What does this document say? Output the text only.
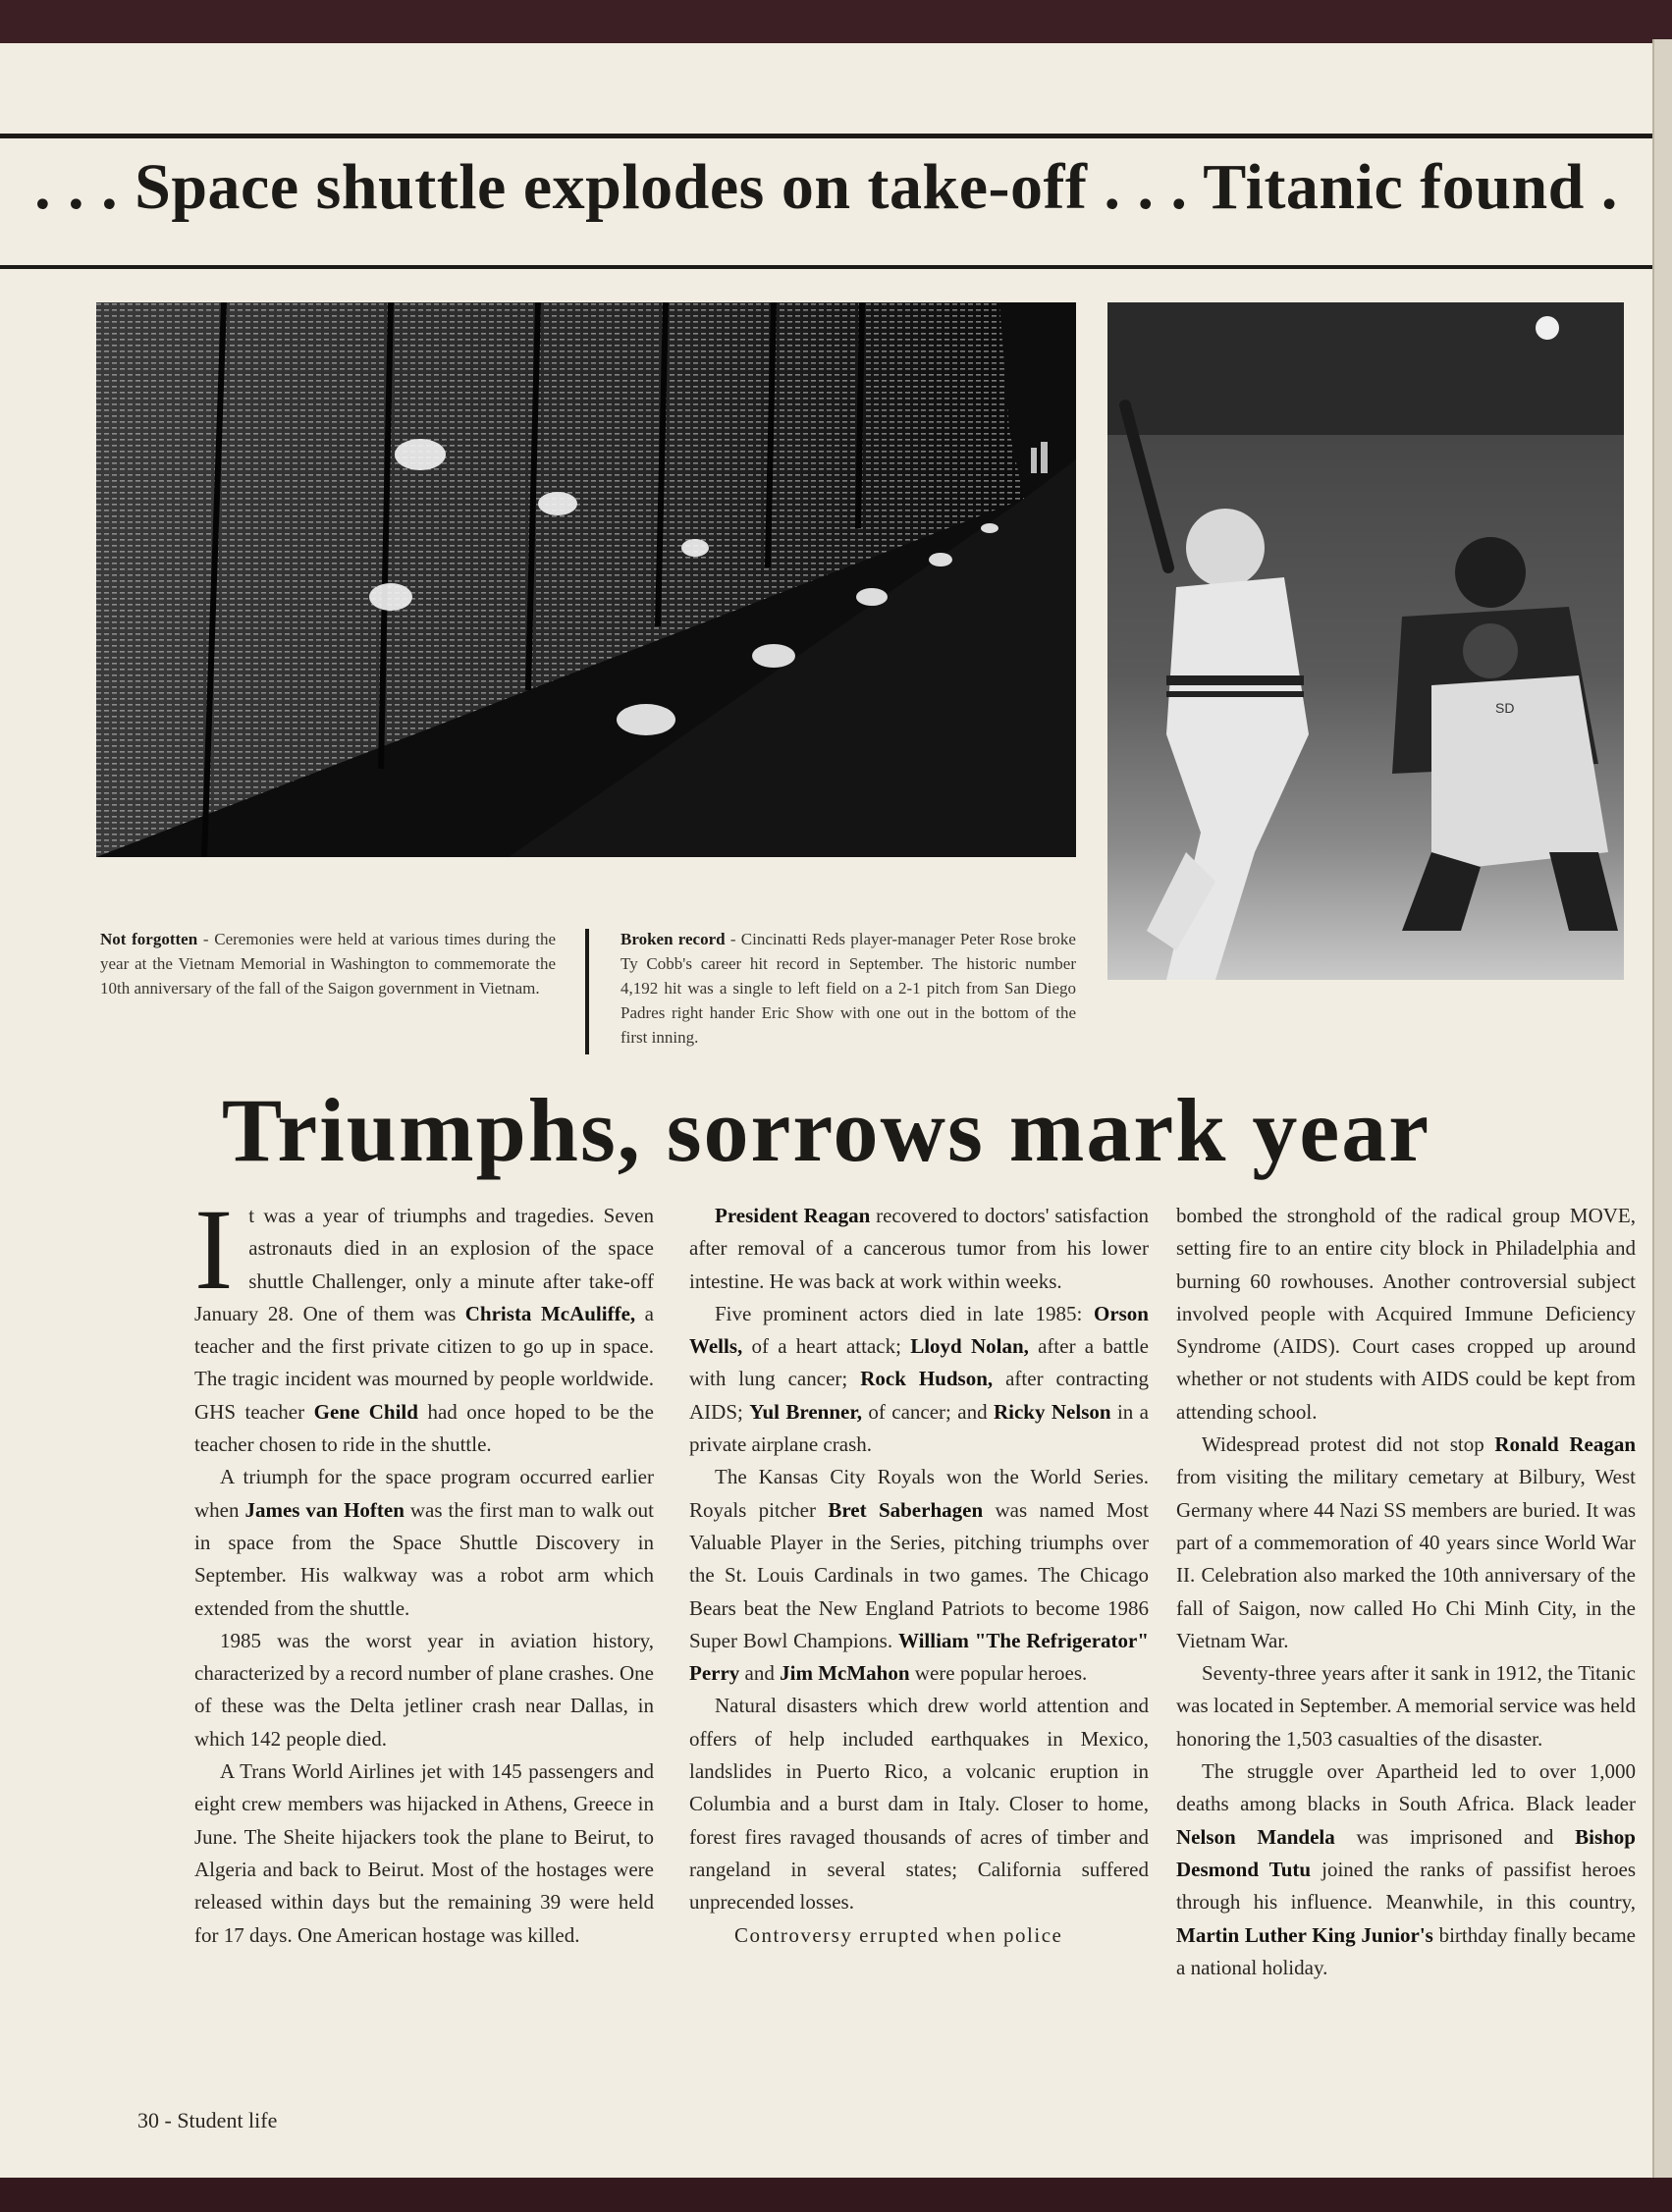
. . . Space shuttle explodes on take-off . . . Titanic found .
SD
Not forgotten - Ceremonies were held at various times during the year at the Vietnam Memorial in Washington to commemorate the 10th anniversary of the fall of the Saigon government in Vietnam.
Broken record - Cincinatti Reds player-manager Peter Rose broke Ty Cobb's career hit record in September. The historic number 4,192 hit was a single to left field on a 2-1 pitch from San Diego Padres right hander Eric Show with one out in the bottom of the first inning.
Triumphs, sorrows mark year

It was a year of triumphs and tragedies. Seven astronauts died in an explosion of the space shuttle Challenger, only a minute after take-off January 28. One of them was Christa McAuliffe, a teacher and the first private citizen to go up in space. The tragic incident was mourned by people worldwide. GHS teacher Gene Child had once hoped to be the teacher chosen to ride in the shuttle.

A triumph for the space program occurred earlier when James van Hoften was the first man to walk out in space from the Space Shuttle Discovery in September. His walkway was a robot arm which extended from the shuttle.

1985 was the worst year in aviation history, characterized by a record number of plane crashes. One of these was the Delta jetliner crash near Dallas, in which 142 people died.

A Trans World Airlines jet with 145 passengers and eight crew members was hijacked in Athens, Greece in June. The Sheite hijackers took the plane to Beirut, to Algeria and back to Beirut. Most of the hostages were released within days but the remaining 39 were held for 17 days. One American hostage was killed.

President Reagan recovered to doctors' satisfaction after removal of a cancerous tumor from his lower intestine. He was back at work within weeks.

Five prominent actors died in late 1985: Orson Wells, of a heart attack; Lloyd Nolan, after a battle with lung cancer; Rock Hudson, after contracting AIDS; Yul Brenner, of cancer; and Ricky Nelson in a private airplane crash.

The Kansas City Royals won the World Series. Royals pitcher Bret Saberhagen was named Most Valuable Player in the Series, pitching triumphs over the St. Louis Cardinals in two games. The Chicago Bears beat the New England Patriots to become 1986 Super Bowl Champions. William "The Refrigerator" Perry and Jim McMahon were popular heroes.

Natural disasters which drew world attention and offers of help included earthquakes in Mexico, landslides in Puerto Rico, a volcanic eruption in Columbia and a burst dam in Italy. Closer to home, forest fires ravaged thousands of acres of timber and rangeland in several states; California suffered unprecended losses.

Controversy errupted when police

bombed the stronghold of the radical group MOVE, setting fire to an entire city block in Philadelphia and burning 60 rowhouses. Another controversial subject involved people with Acquired Immune Deficiency Syndrome (AIDS). Court cases cropped up around whether or not students with AIDS could be kept from attending school.

Widespread protest did not stop Ronald Reagan from visiting the military cemetary at Bilbury, West Germany where 44 Nazi SS members are buried. It was part of a commemoration of 40 years since World War II. Celebration also marked the 10th anniversary of the fall of Saigon, now called Ho Chi Minh City, in the Vietnam War.

Seventy-three years after it sank in 1912, the Titanic was located in September. A memorial service was held honoring the 1,503 casualties of the disaster.

The struggle over Apartheid led to over 1,000 deaths among blacks in South Africa. Black leader Nelson Mandela was imprisoned and Bishop Desmond Tutu joined the ranks of passifist heroes through his influence. Meanwhile, in this country, Martin Luther King Junior's birthday finally became a national holiday.

30 - Student life
